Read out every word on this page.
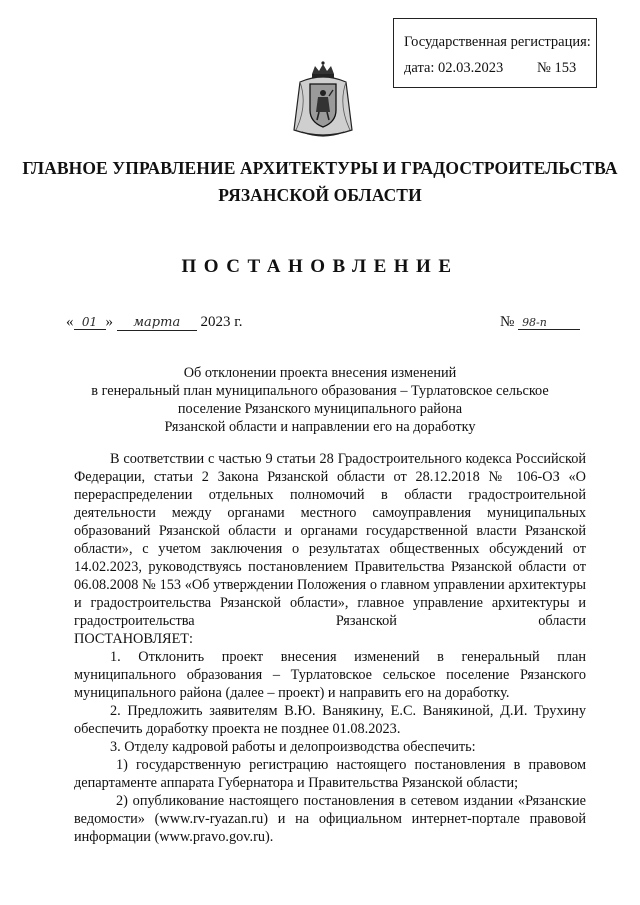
Государственная регистрация:
дата: 02.03.2023 № 153
ГЛАВНОЕ УПРАВЛЕНИЕ АРХИТЕКТУРЫ И ГРАДОСТРОИТЕЛЬСТВА
РЯЗАНСКОЙ ОБЛАСТИ
ПОСТАНОВЛЕНИЕ
« 01 » марта 2023 г.	№ 98-п
Об отклонении проекта внесения изменений
в генеральный план муниципального образования – Турлатовское сельское
поселение Рязанского муниципального района
Рязанской области и направлении его на доработку

В соответствии с частью 9 статьи 28 Градостроительного кодекса Российской Федерации, статьи 2 Закона Рязанской области от 28.12.2018 № 106-ОЗ «О перераспределении отдельных полномочий в области градостроительной деятельности между органами местного самоуправления муниципальных образований Рязанской области и органами государственной власти Рязанской области», с учетом заключения о результатах общественных обсуждений от 14.02.2023, руководствуясь постановлением Правительства Рязанской области от 06.08.2008 № 153 «Об утверждении Положения о главном управлении архитектуры и градостроительства Рязанской области», главное управление архитектуры и градостроительства Рязанской области

ПОСТАНОВЛЯЕТ:

1. Отклонить проект внесения изменений в генеральный план муниципального образования – Турлатовское сельское поселение Рязанского муниципального района (далее – проект) и направить его на доработку.

2. Предложить заявителям В.Ю. Ванякину, Е.С. Ванякиной, Д.И. Трухину обеспечить доработку проекта не позднее 01.08.2023.

3. Отделу кадровой работы и делопроизводства обеспечить:

1) государственную регистрацию настоящего постановления в правовом департаменте аппарата Губернатора и Правительства Рязанской области;

2) опубликование настоящего постановления в сетевом издании «Рязанские ведомости» (www.rv-ryazan.ru) и на официальном интернет-портале правовой информации (www.pravo.gov.ru).
